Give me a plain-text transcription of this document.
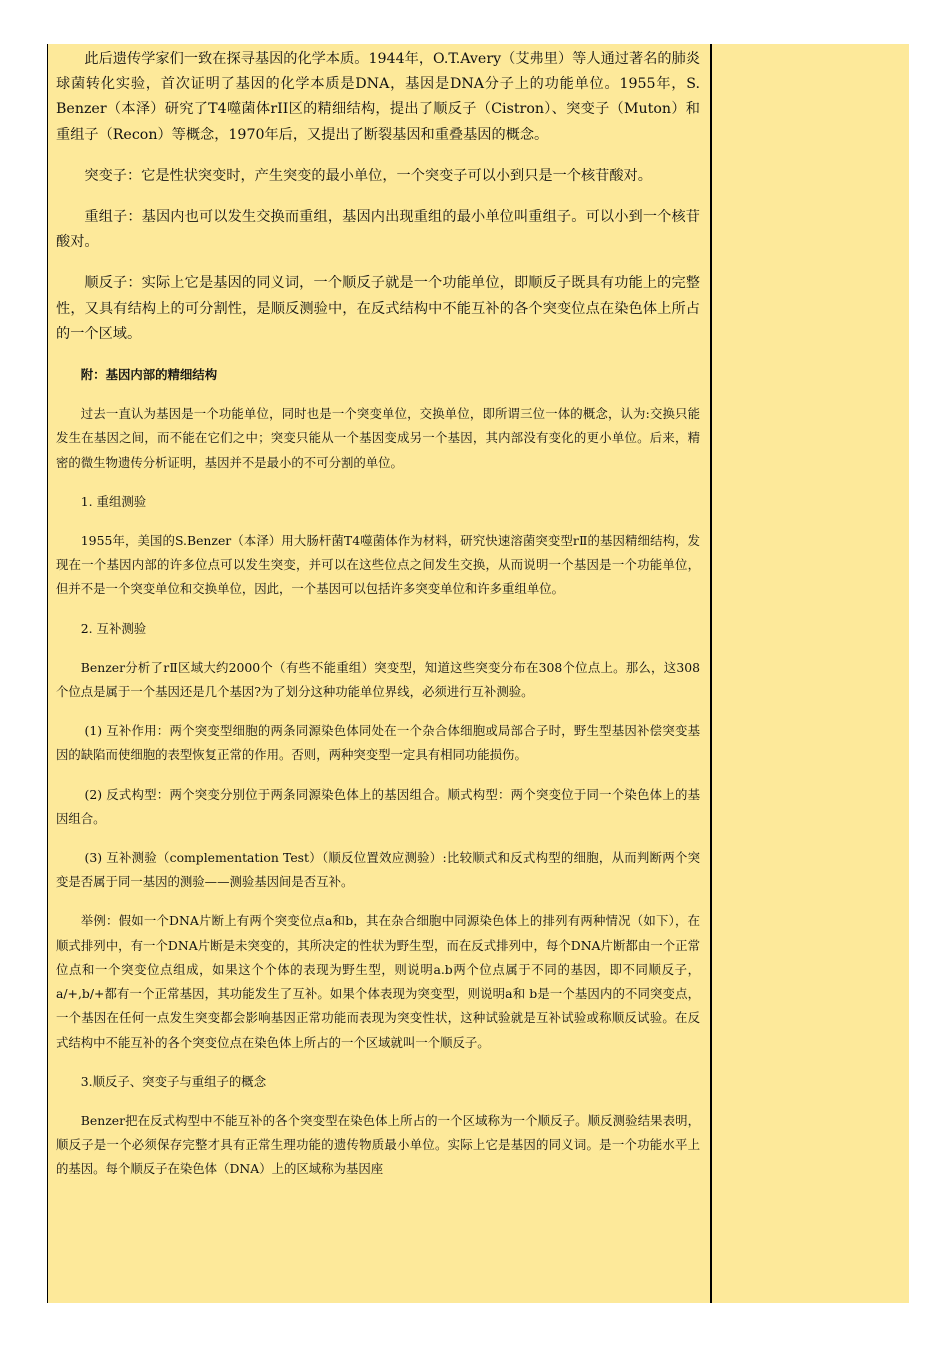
此后遗传学家们一致在探寻基因的化学本质。1944年，O.T.Avery（艾弗里）等人通过著名的肺炎球菌转化实验，首次证明了基因的化学本质是DNA，基因是DNA分子上的功能单位。1955年，S. Benzer（本泽）研究了T4噬菌体rII区的精细结构，提出了顺反子（Cistron）、突变子（Muton）和重组子（Recon）等概念，1970年后，又提出了断裂基因和重叠基因的概念。

突变子：它是性状突变时，产生突变的最小单位，一个突变子可以小到只是一个核苷酸对。

重组子：基因内也可以发生交换而重组，基因内出现重组的最小单位叫重组子。可以小到一个核苷酸对。

顺反子：实际上它是基因的同义词，一个顺反子就是一个功能单位，即顺反子既具有功能上的完整性，又具有结构上的可分割性，是顺反测验中，在反式结构中不能互补的各个突变位点在染色体上所占的一个区域。

附：基因内部的精细结构

过去一直认为基因是一个功能单位，同时也是一个突变单位，交换单位，即所谓三位一体的概念，认为:交换只能发生在基因之间，而不能在它们之中；突变只能从一个基因变成另一个基因，其内部没有变化的更小单位。后来，精密的微生物遗传分析证明，基因并不是最小的不可分割的单位。

1. 重组测验

1955年，美国的S.Benzer（本泽）用大肠杆菌T4噬菌体作为材料，研究快速溶菌突变型rⅡ的基因精细结构，发现在一个基因内部的许多位点可以发生突变，并可以在这些位点之间发生交换，从而说明一个基因是一个功能单位，但并不是一个突变单位和交换单位，因此，一个基因可以包括许多突变单位和许多重组单位。

2. 互补测验

Benzer分析了rⅡ区域大约2000个（有些不能重组）突变型，知道这些突变分布在308个位点上。那么，这308个位点是属于一个基因还是几个基因?为了划分这种功能单位界线，必须进行互补测验。

(1) 互补作用：两个突变型细胞的两条同源染色体同处在一个杂合体细胞或局部合子时，野生型基因补偿突变基因的缺陷而使细胞的表型恢复正常的作用。否则，两种突变型一定具有相同功能损伤。

(2) 反式构型：两个突变分别位于两条同源染色体上的基因组合。顺式构型：两个突变位于同一个染色体上的基因组合。

(3) 互补测验（complementation Test）（顺反位置效应测验）:比较顺式和反式构型的细胞，从而判断两个突变是否属于同一基因的测验——测验基因间是否互补。

举例：假如一个DNA片断上有两个突变位点a和b，其在杂合细胞中同源染色体上的排列有两种情况（如下），在顺式排列中，有一个DNA片断是未突变的，其所决定的性状为野生型，而在反式排列中，每个DNA片断都由一个正常位点和一个突变位点组成，如果这个个体的表现为野生型，则说明a.b两个位点属于不同的基因，即不同顺反子，a/+,b/+都有一个正常基因，其功能发生了互补。如果个体表现为突变型，则说明a和 b是一个基因内的不同突变点，一个基因在任何一点发生突变都会影响基因正常功能而表现为突变性状，这种试验就是互补试验或称顺反试验。在反式结构中不能互补的各个突变位点在染色体上所占的一个区域就叫一个顺反子。

3.顺反子、突变子与重组子的概念

Benzer把在反式构型中不能互补的各个突变型在染色体上所占的一个区域称为一个顺反子。顺反测验结果表明，顺反子是一个必须保存完整才具有正常生理功能的遗传物质最小单位。实际上它是基因的同义词。是一个功能水平上的基因。每个顺反子在染色体（DNA）上的区域称为基因座
